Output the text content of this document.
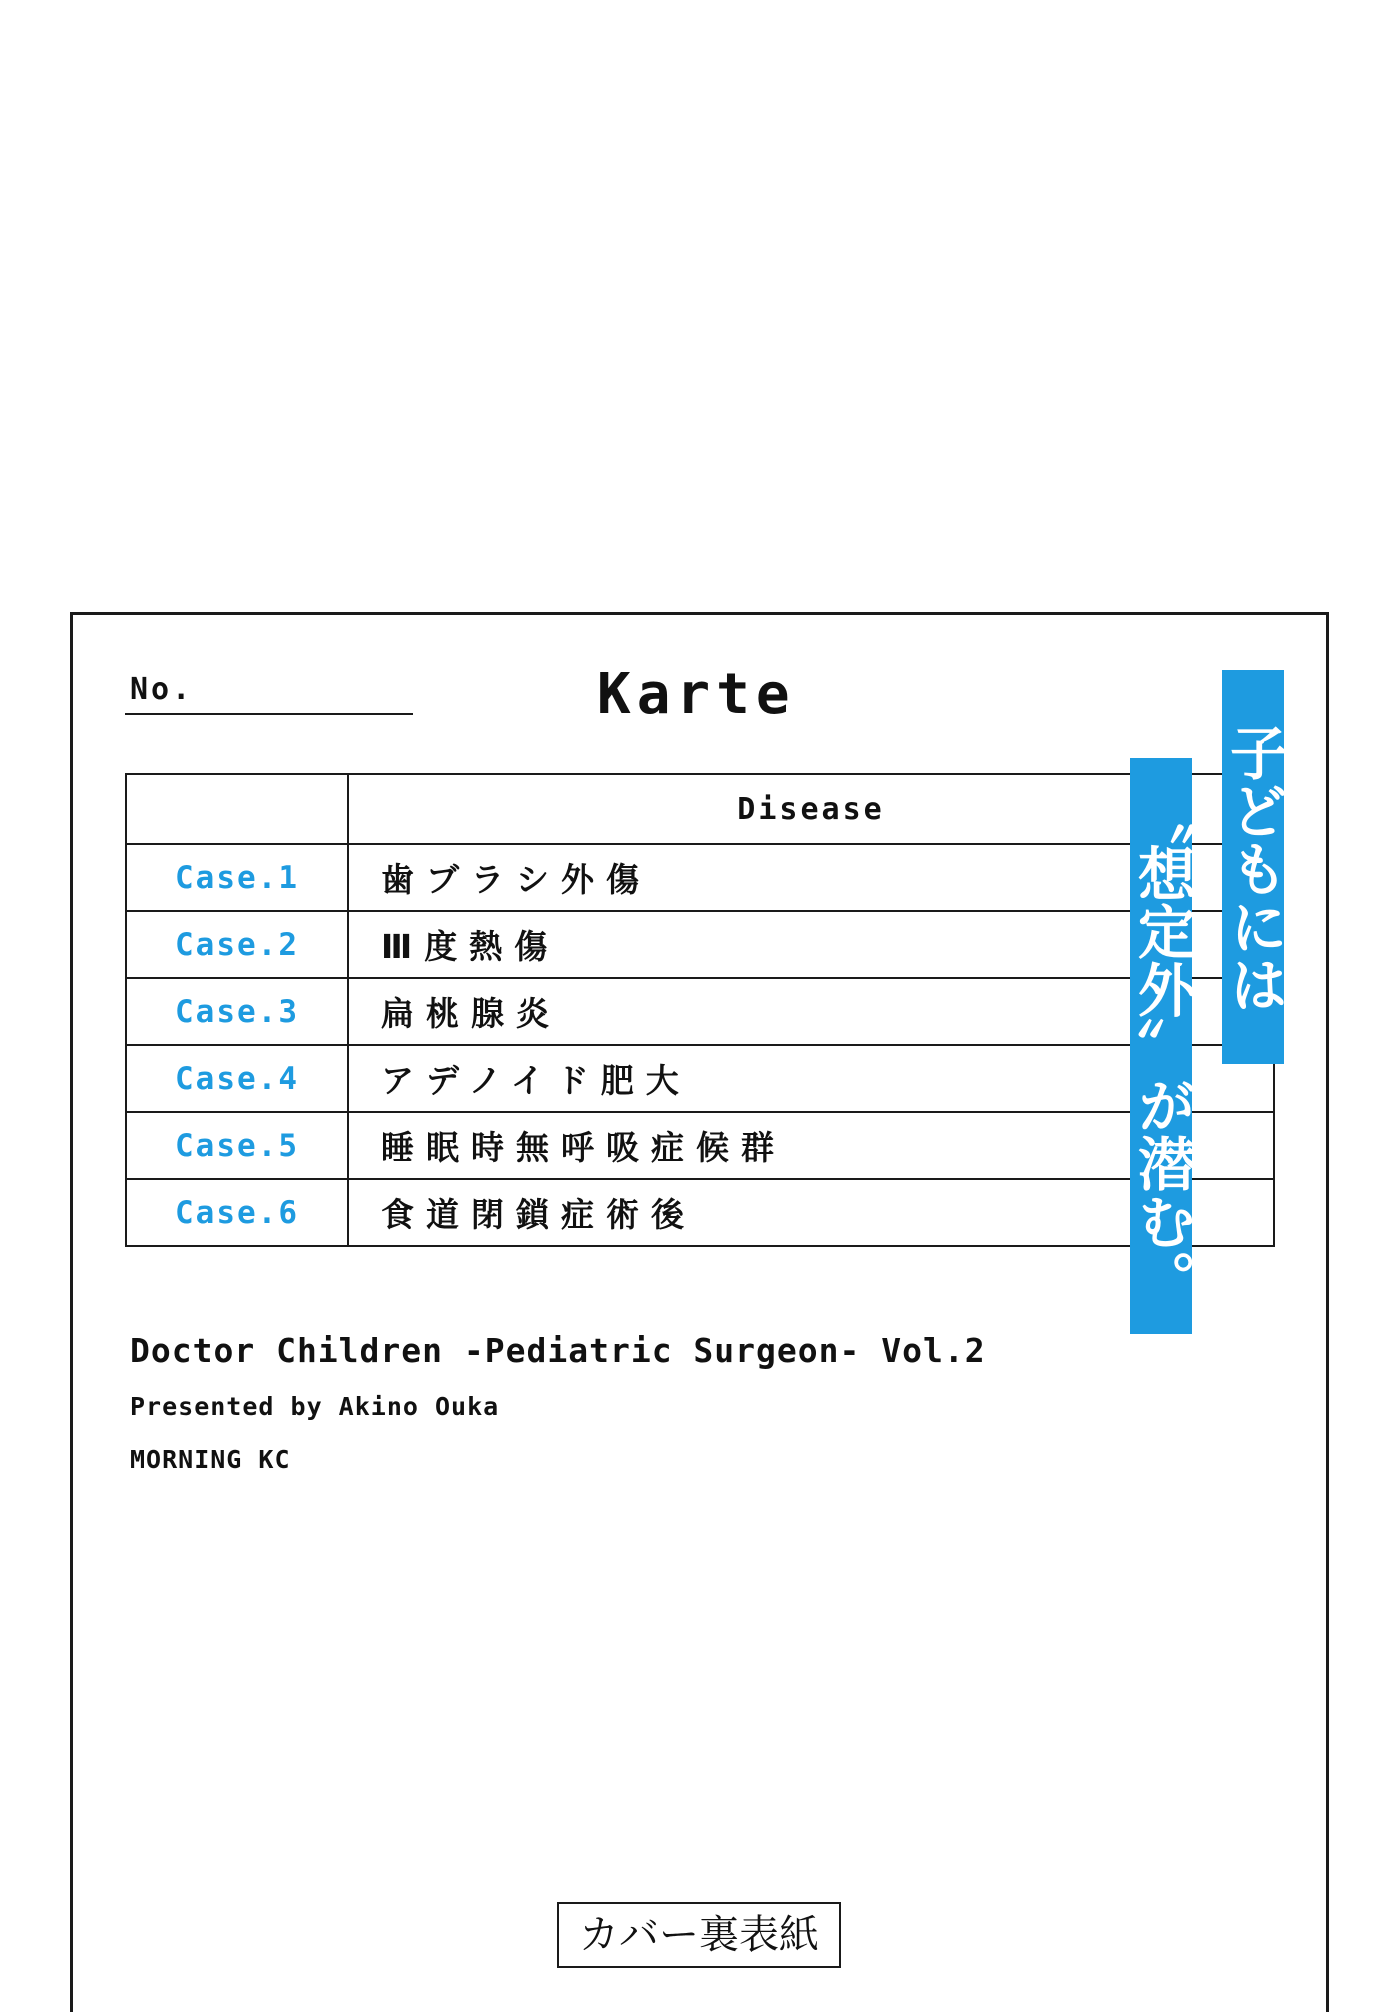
No.	Karte
	Disease
Case.1	歯ブラシ外傷
Case.2	Ⅲ度熱傷
Case.3	扁桃腺炎
Case.4	アデノイド肥大
Case.5	睡眠時無呼吸症候群
Case.6	食道閉鎖症術後
子どもには
〝想定外〟が潜む。
Doctor Children -Pediatric Surgeon- Vol.2
Presented by Akino Ouka
MORNING KC
カバー裏表紙
